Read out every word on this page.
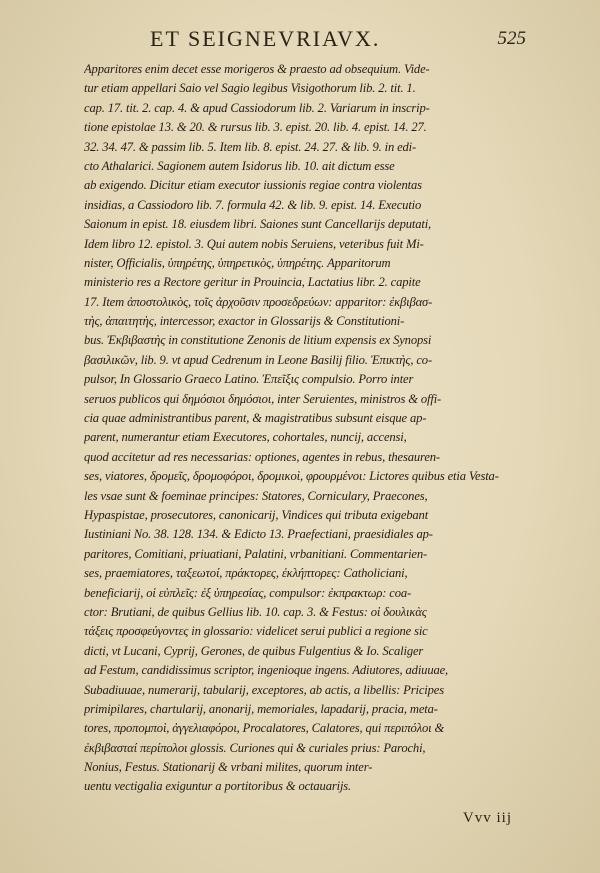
ET SEIGNEVRIAVX.	525
Apparitores enim decet esse morigeros & praesto ad obsequium. Vide-
tur etiam appellari Saio vel Sagio legibus Visigothorum lib. 2. tit. 1.
cap. 17. tit. 2. cap. 4. & apud Cassiodorum lib. 2. Variarum in inscrip-
tione epistolae 13. & 20. & rursus lib. 3. epist. 20. lib. 4. epist. 14. 27.
32. 34. 47. & passim lib. 5. Item lib. 8. epist. 24. 27. & lib. 9. in edi-
cto Athalarici. Sagionem autem Isidorus lib. 10. ait dictum esse
ab exigendo. Dicitur etiam executor iussionis regiae contra violentas
insidias, a Cassiodoro lib. 7. formula 42. & lib. 9. epist. 14. Executio
Saionum in epist. 18. eiusdem libri. Saiones sunt Cancellarijs deputati,
Idem libro 12. epistol. 3. Qui autem nobis Seruiens, veteribus fuit Mi-
nister, Officialis, ὑπηρέτης, ὑπηρετικὸς, ὑπηρέτης. Apparitorum
ministerio res a Rectore geritur in Prouincia, Lactatius libr. 2. capite
17. Item ἀποστολικὸς, τοῖς ἀρχοῦσιν προσεδρεύων: apparitor: ἐκβιβασ-
τὴς, ἀπαιτητὴς, intercessor, exactor in Glossarijs & Constitutioni-
bus. Ἐκβιβαστὴς in constitutione Zenonis de litium expensis ex Synopsi
βασιλικῶν, lib. 9. vt apud Cedrenum in Leone Basilij filio. Ἐπικτὴς, co-
pulsor, In Glossario Graeco Latino. Ἐπεῖξις compulsio. Porro inter
seruos publicos qui δημόσιοι δημόσιοι, inter Seruientes, ministros & offi-
cia quae administrantibus parent, & magistratibus subsunt eisque ap-
parent, numerantur etiam Executores, cohortales, nuncij, accensi,
quod accitetur ad res necessarias: optiones, agentes in rebus, thesauren-
ses, viatores, δρομεῖς, δρομοφόροι, δρομικοὶ, φρουρμένοι: Lictores quibus etia Vesta-
les vsae sunt & foeminae principes: Statores, Corniculary, Praecones,
Hypaspistae, prosecutores, canonicarij, Vindices qui tributa exigebant
Iustiniani No. 38. 128. 134. & Edicto 13. Praefectiani, praesidiales ap-
paritores, Comitiani, priuatiani, Palatini, vrbanitiani. Commentarien-
ses, praemiatores, ταξεωτοί, πράκτορες, ἐκλήπτορες: Catholiciani,
beneficiarij, οἱ εὐπλεῖς: ἐξ ὑπηρεσίας, compulsor: ἐκπρακτωρ: coa-
ctor: Brutiani, de quibus Gellius lib. 10. cap. 3. & Festus: οἱ δουλικὰς
τάξεις προσφεύγοντες in glossario: videlicet serui publici a regione sic
dicti, vt Lucani, Cyprij, Gerones, de quibus Fulgentius & Io. Scaliger
ad Festum, candidissimus scriptor, ingenioque ingens. Adiutores, adiuuae,
Subadiuuae, numerarij, tabularij, exceptores, ab actis, a libellis: Pricipes
primipilares, chartularij, anonarij, memoriales, lapadarij, pracia, meta-
tores, προπομποὶ, ἀγγελιαφόροι, Procalatores, Calatores, qui περιπόλοι &
ἐκβιβασταί περίπολοι glossis. Curiones qui & curiales prius: Parochi,
Nonius, Festus. Stationarij & vrbani milites, quorum inter-
uentu vectigalia exiguntur a portitoribus & octauarijs.
Vvv iij
